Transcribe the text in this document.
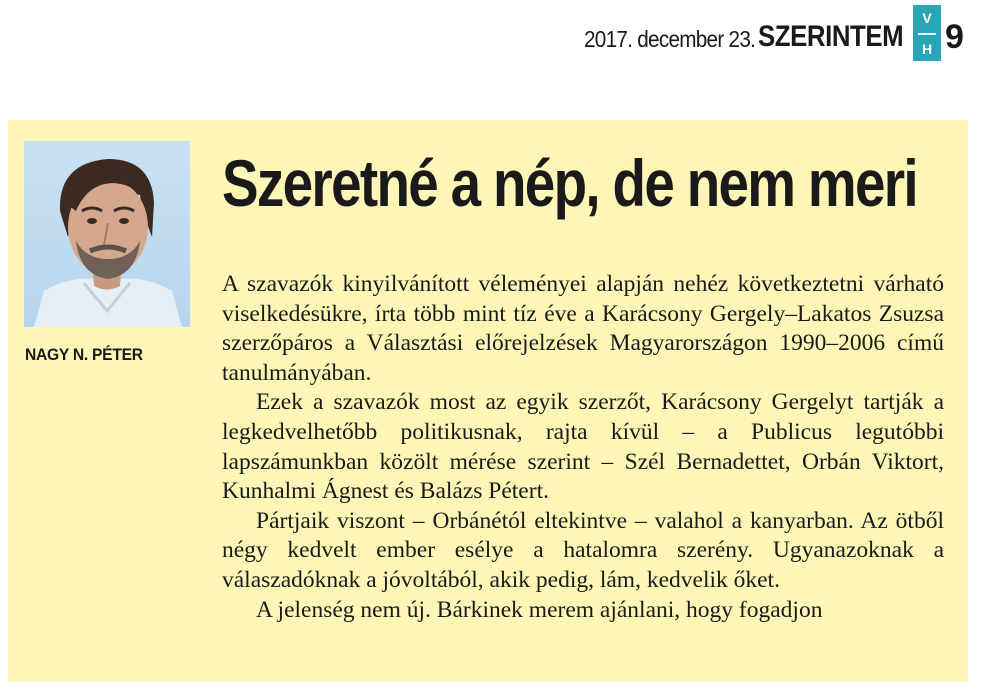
2017. december 23. SZERINTEM
V
H 9
NAGY N. PÉTER
Szeretné a nép, de nem meri

A szavazók kinyilvánított véleményei alapján nehéz következtetni várható viselkedésükre, írta több mint tíz éve a Karácsony Gergely–Lakatos Zsuzsa szerzőpáros a Választási előrejelzések Magyarországon 1990–2006 című tanulmányában.

Ezek a szavazók most az egyik szerzőt, Karácsony Gergelyt tartják a legkedvelhetőbb politikusnak, rajta kívül – a Publicus legutóbbi lapszámunkban közölt mérése szerint – Szél Bernadettet, Orbán Viktort, Kunhalmi Ágnest és Balázs Pétert.

Pártjaik viszont – Orbánétól eltekintve – valahol a kanyarban. Az ötből négy kedvelt ember esélye a hatalomra szerény. Ugyanazoknak a válaszadóknak a jóvoltából, akik pedig, lám, kedvelik őket.

A jelenség nem új. Bárkinek merem ajánlani, hogy fogadjon
